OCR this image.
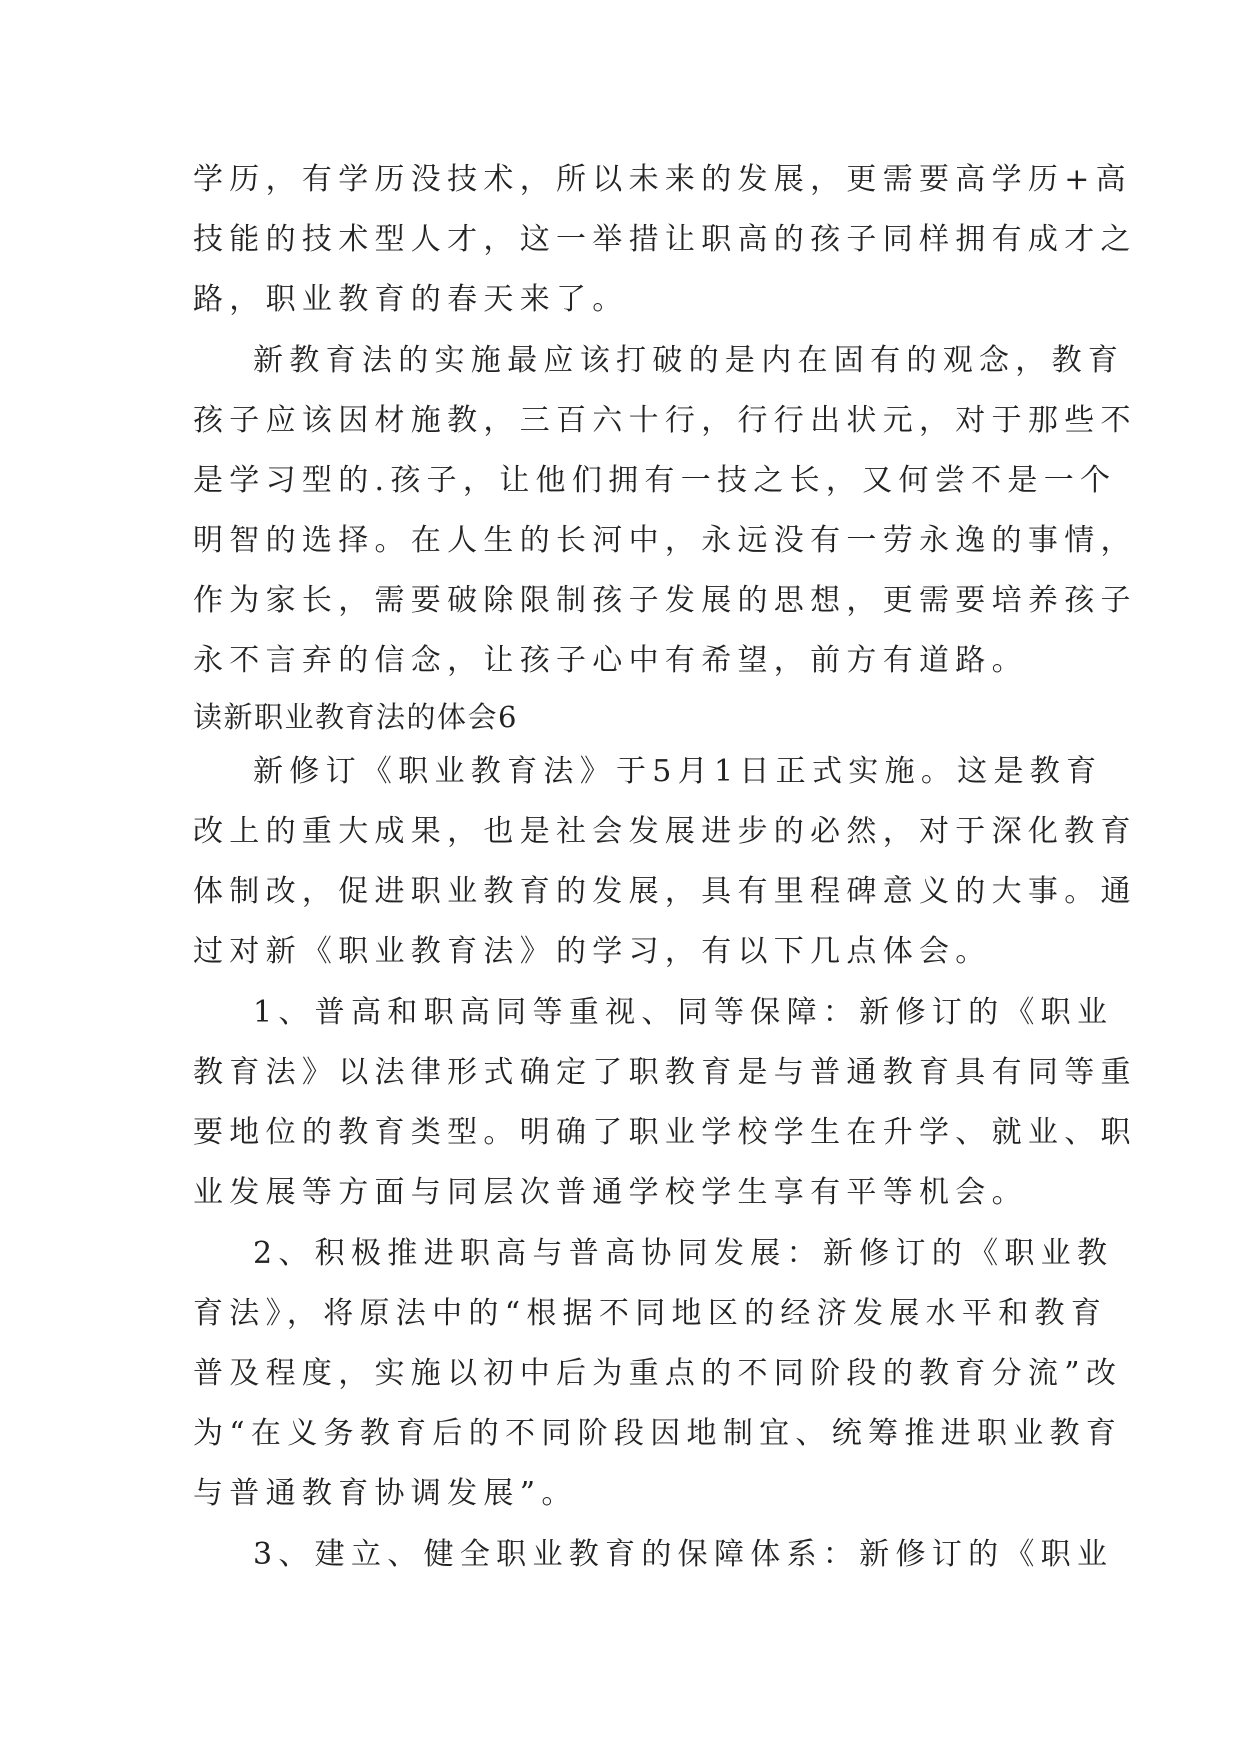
学历，有学历没技术，所以未来的发展，更需要高学历+高

技能的技术型人才，这一举措让职高的孩子同样拥有成才之

路，职业教育的春天来了。

新教育法的实施最应该打破的是内在固有的观念，教育

孩子应该因材施教，三百六十行，行行出状元，对于那些不

是学习型的.孩子，让他们拥有一技之长，又何尝不是一个

明智的选择。在人生的长河中，永远没有一劳永逸的事情，

作为家长，需要破除限制孩子发展的思想，更需要培养孩子

永不言弃的信念，让孩子心中有希望，前方有道路。

读新职业教育法的体会6

新修订《职业教育法》于5月1日正式实施。这是教育

改上的重大成果，也是社会发展进步的必然，对于深化教育

体制改，促进职业教育的发展，具有里程碑意义的大事。通

过对新《职业教育法》的学习，有以下几点体会。

1、普高和职高同等重视、同等保障：新修订的《职业

教育法》以法律形式确定了职教育是与普通教育具有同等重

要地位的教育类型。明确了职业学校学生在升学、就业、职

业发展等方面与同层次普通学校学生享有平等机会。

2、积极推进职高与普高协同发展：新修订的《职业教

育法》，将原法中的“根据不同地区的经济发展水平和教育

普及程度，实施以初中后为重点的不同阶段的教育分流”改

为“在义务教育后的不同阶段因地制宜、统筹推进职业教育

与普通教育协调发展”。

3、建立、健全职业教育的保障体系：新修订的《职业
